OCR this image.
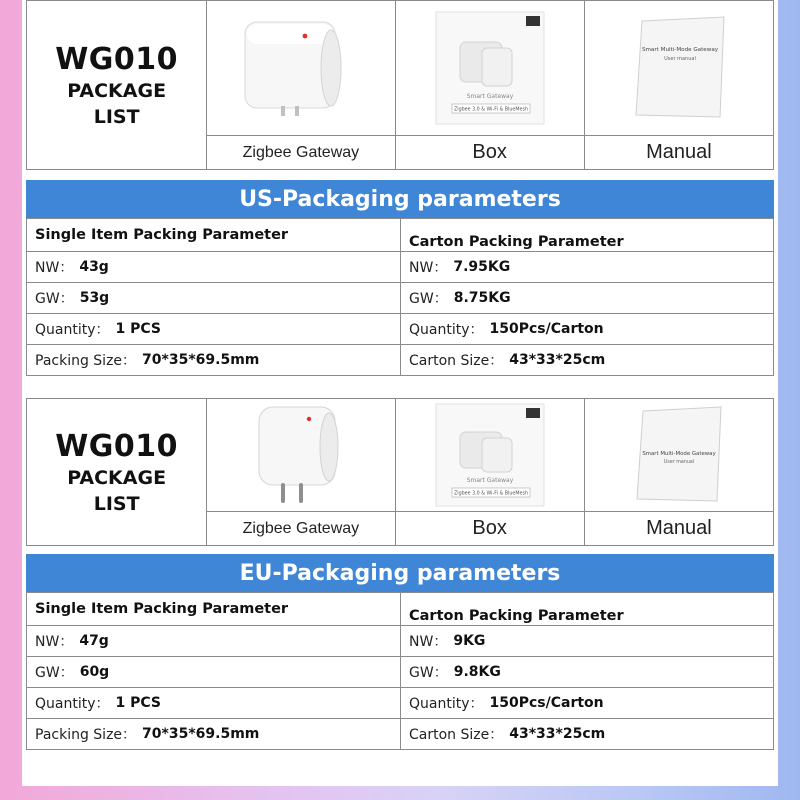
WG010
PACKAGE
LIST
Zigbee Gateway
Smart Gateway
Zigbee 3.0 & Wi-Fi & BlueMesh
Box
Smart Multi-Mode Gateway
User manual
Manual
US-Packaging parameters
Single Item Packing Parameter	Carton Packing Parameter
NW： 43g	NW： 7.95KG
GW： 53g	GW： 8.75KG
Quantity： 1 PCS	Quantity： 150Pcs/Carton
Packing Size： 70*35*69.5mm	Carton Size： 43*33*25cm
WG010
PACKAGE
LIST
Zigbee Gateway
Smart Gateway
Zigbee 3.0 & Wi-Fi & BlueMesh
Box
Smart Multi-Mode Gateway
User manual
Manual
EU-Packaging parameters
Single Item Packing Parameter	Carton Packing Parameter
NW： 47g	NW： 9KG
GW： 60g	GW： 9.8KG
Quantity： 1 PCS	Quantity： 150Pcs/Carton
Packing Size： 70*35*69.5mm	Carton Size： 43*33*25cm
